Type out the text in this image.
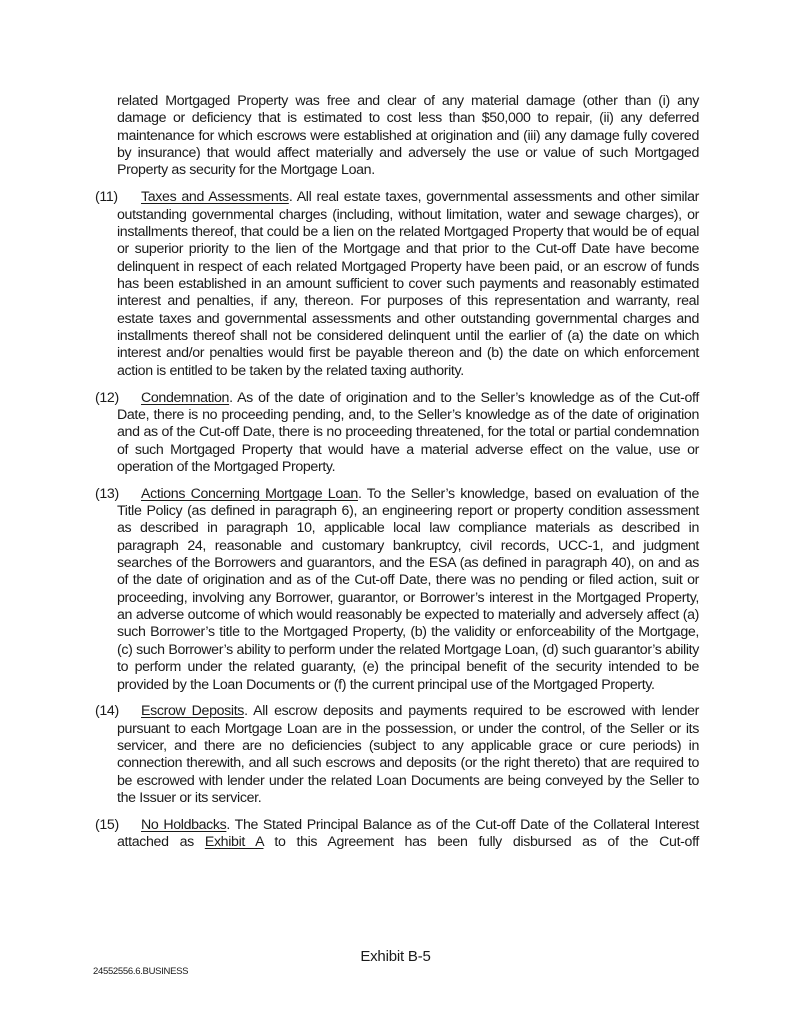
related Mortgaged Property was free and clear of any material damage (other than (i) any damage or deficiency that is estimated to cost less than $50,000 to repair, (ii) any deferred maintenance for which escrows were established at origination and (iii) any damage fully covered by insurance) that would affect materially and adversely the use or value of such Mortgaged Property as security for the Mortgage Loan.

(11) Taxes and Assessments. All real estate taxes, governmental assessments and other similar outstanding governmental charges (including, without limitation, water and sewage charges), or installments thereof, that could be a lien on the related Mortgaged Property that would be of equal or superior priority to the lien of the Mortgage and that prior to the Cut-off Date have become delinquent in respect of each related Mortgaged Property have been paid, or an escrow of funds has been established in an amount sufficient to cover such payments and reasonably estimated interest and penalties, if any, thereon. For purposes of this representation and warranty, real estate taxes and governmental assessments and other outstanding governmental charges and installments thereof shall not be considered delinquent until the earlier of (a) the date on which interest and/or penalties would first be payable thereon and (b) the date on which enforcement action is entitled to be taken by the related taxing authority.

(12) Condemnation. As of the date of origination and to the Seller’s knowledge as of the Cut-off Date, there is no proceeding pending, and, to the Seller’s knowledge as of the date of origination and as of the Cut-off Date, there is no proceeding threatened, for the total or partial condemnation of such Mortgaged Property that would have a material adverse effect on the value, use or operation of the Mortgaged Property.

(13) Actions Concerning Mortgage Loan. To the Seller’s knowledge, based on evaluation of the Title Policy (as defined in paragraph 6), an engineering report or property condition assessment as described in paragraph 10, applicable local law compliance materials as described in paragraph 24, reasonable and customary bankruptcy, civil records, UCC-1, and judgment searches of the Borrowers and guarantors, and the ESA (as defined in paragraph 40), on and as of the date of origination and as of the Cut-off Date, there was no pending or filed action, suit or proceeding, involving any Borrower, guarantor, or Borrower’s interest in the Mortgaged Property, an adverse outcome of which would reasonably be expected to materially and adversely affect (a) such Borrower’s title to the Mortgaged Property, (b) the validity or enforceability of the Mortgage, (c) such Borrower’s ability to perform under the related Mortgage Loan, (d) such guarantor’s ability to perform under the related guaranty, (e) the principal benefit of the security intended to be provided by the Loan Documents or (f) the current principal use of the Mortgaged Property.

(14) Escrow Deposits. All escrow deposits and payments required to be escrowed with lender pursuant to each Mortgage Loan are in the possession, or under the control, of the Seller or its servicer, and there are no deficiencies (subject to any applicable grace or cure periods) in connection therewith, and all such escrows and deposits (or the right thereto) that are required to be escrowed with lender under the related Loan Documents are being conveyed by the Seller to the Issuer or its servicer.

(15) No Holdbacks. The Stated Principal Balance as of the Cut-off Date of the Collateral Interest attached as Exhibit A to this Agreement has been fully disbursed as of the Cut-off

Exhibit B-5
24552556.6.BUSINESS
